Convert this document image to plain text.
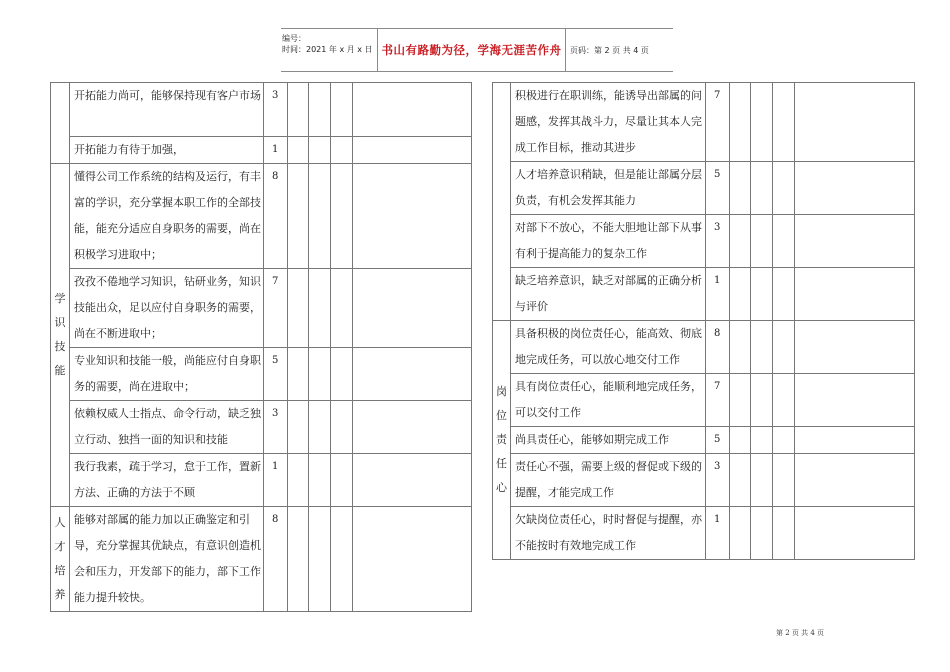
编号：
时间：2021 年 x 月 x 日 书山有路勤为径，学海无涯苦作舟 页码：第 2 页 共 4 页
	开拓能力尚可，能够保持现有客户市场	3				
	开拓能力有待于加强，	1				

学识技能	懂得公司工作系统的结构及运行，有丰富的学识，充分掌握本职工作的全部技能，能充分适应自身职务的需要，尚在积极学习进取中；	8				
	孜孜不倦地学习知识，钻研业务，知识技能出众，足以应付自身职务的需要，尚在不断进取中；	7				
	专业知识和技能一般，尚能应付自身职务的需要，尚在进取中；	5				
	依赖权威人士指点、命令行动，缺乏独立行动、独挡一面的知识和技能	3				
	我行我素，疏于学习，怠于工作，置新方法、正确的方法于不顾	1				

人才培养	能够对部属的能力加以正确鉴定和引导，充分掌握其优缺点，有意识创造机会和压力，开发部下的能力，部下工作能力提升较快。	8				
	积极进行在职训练，能诱导出部属的问题感，发挥其战斗力，尽量让其本人完成工作目标，推动其进步	7				
	人才培养意识稍缺，但是能让部属分层负责，有机会发挥其能力	5				
	对部下不放心，不能大胆地让部下从事有利于提高能力的复杂工作	3				
	缺乏培养意识，缺乏对部属的正确分析与评价	1				

岗位责任心	具备积极的岗位责任心，能高效、彻底地完成任务，可以放心地交付工作	8				
	具有岗位责任心，能顺利地完成任务，可以交付工作	7				
	尚具责任心，能够如期完成工作	5				
	责任心不强，需要上级的督促或下级的提醒，才能完成工作	3				
	欠缺岗位责任心，时时督促与提醒，亦不能按时有效地完成工作	1				
第 2 页 共 4 页
